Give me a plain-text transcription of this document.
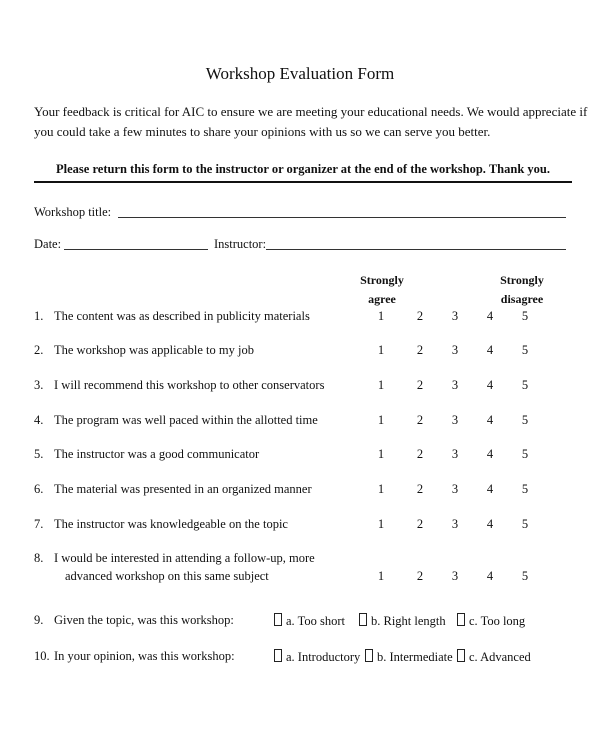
Workshop Evaluation Form
Your feedback is critical for AIC to ensure we are meeting your educational needs. We would appreciate if
you could take a few minutes to share your opinions with us so we can serve you better.
Please return this form to the instructor or organizer at the end of the workshop. Thank you.
Workshop title:
Date:	Instructor:
Strongly
agree
Strongly
disagree
1. The content was as described in publicity materials	1	2 3 4 5
2. The workshop was applicable to my job	1	2 3 4 5
3. I will recommend this workshop to other conservators	1	2 3 4 5
4. The program was well paced within the allotted time	1	2 3 4 5
5. The instructor was a good communicator	1	2 3 4 5
6. The material was presented in an organized manner	1	2 3 4 5
7. The instructor was knowledgeable on the topic	1	2 3 4 5
8. I would be interested in attending a follow-up, more
advanced workshop on this same subject	1	2 3 4 5
9. Given the topic, was this workshop:	a. Too short	b. Right length	c. Too long
10. In your opinion, was this workshop:	a. Introductory	b. Intermediate	c. Advanced
